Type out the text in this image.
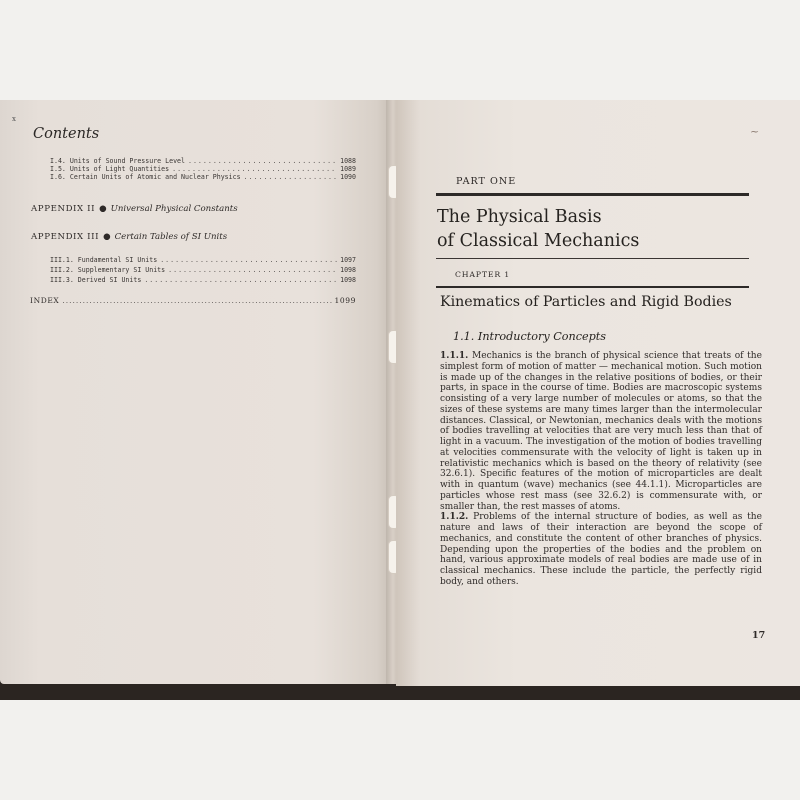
x
Contents
I.4. Units of Sound Pressure Level .....	1088
I.5. Units of Light Quantities .....	1089
I.6. Certain Units of Atomic and Nuclear Physics .....	1090
APPENDIX II ● Universal Physical Constants
APPENDIX III ● Certain Tables of SI Units
III.1. Fundamental SI Units .....	1097
III.2. Supplementary SI Units .....	1098
III.3. Derived SI Units .....	1098
INDEX .....	1099
~
PART ONE
The Physical Basis
of Classical Mechanics
CHAPTER 1
Kinematics of Particles and Rigid Bodies
1.1. Introductory Concepts

1.1.1. Mechanics is the branch of physical science that treats of the simplest form of motion of matter — mechanical motion. Such motion is made up of the changes in the relative positions of bodies, or their parts, in space in the course of time. Bodies are macroscopic systems consisting of a very large number of molecules or atoms, so that the sizes of these systems are many times larger than the intermolecular distances. Classical, or Newtonian, mechanics deals with the motions of bodies travelling at velocities that are very much less than that of light in a vacuum. The investigation of the motion of bodies travelling at velocities commensurate with the velocity of light is taken up in relativistic mechanics which is based on the theory of relativity (see 32.6.1). Specific features of the motion of microparticles are dealt with in quantum (wave) mechanics (see 44.1.1). Microparticles are particles whose rest mass (see 32.6.2) is commensurate with, or smaller than, the rest masses of atoms.

1.1.2. Problems of the internal structure of bodies, as well as the nature and laws of their interaction are beyond the scope of mechanics, and constitute the content of other branches of physics. Depending upon the properties of the bodies and the problem on hand, various approximate models of real bodies are made use of in classical mechanics. These include the particle, the perfectly rigid body, and others.

17
